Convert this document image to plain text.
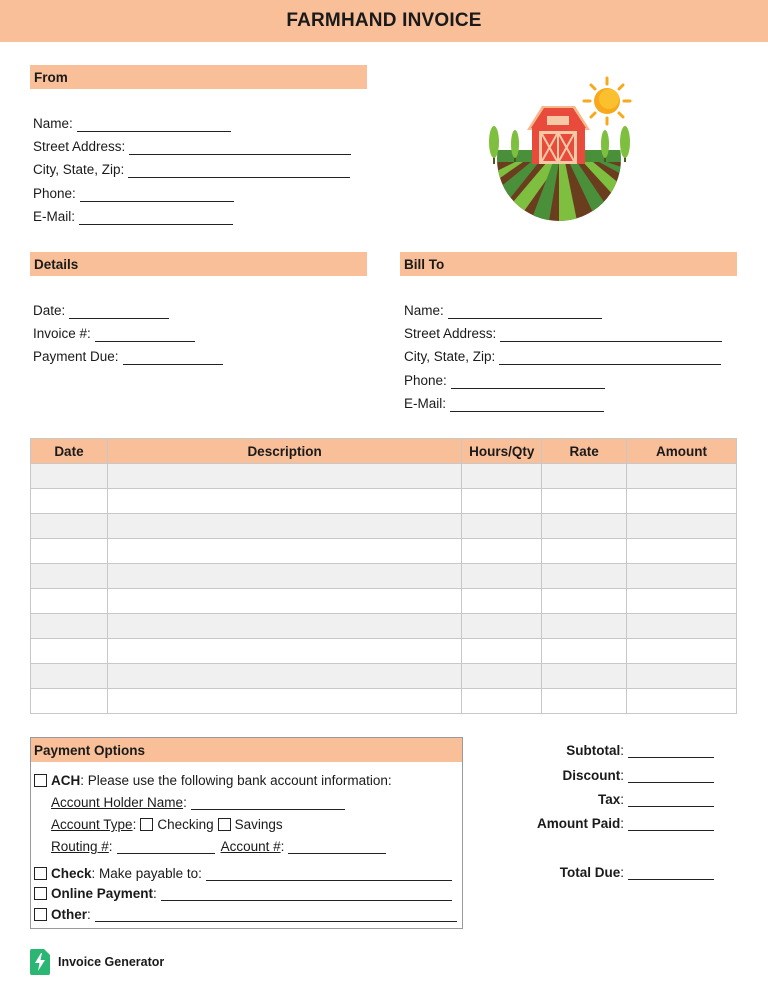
FARMHAND INVOICE
From
Name:
Street Address:
City, State, Zip:
Phone:
E-Mail:
Details
Date:
Invoice #:
Payment Due:
Bill To
Name:
Street Address:
City, State, Zip:
Phone:
E-Mail:
Date	Description	Hours/Qty	Rate	Amount

Payment Options
ACH : Please use the following bank account information:
Account Holder Name :
Account Type : Checking Savings
Routing # :	Account # :
Check : Make payable to:
Online Payment :
Other :
Subtotal :
Discount :
Tax :
Amount Paid :
Total Due :
Invoice Generator
